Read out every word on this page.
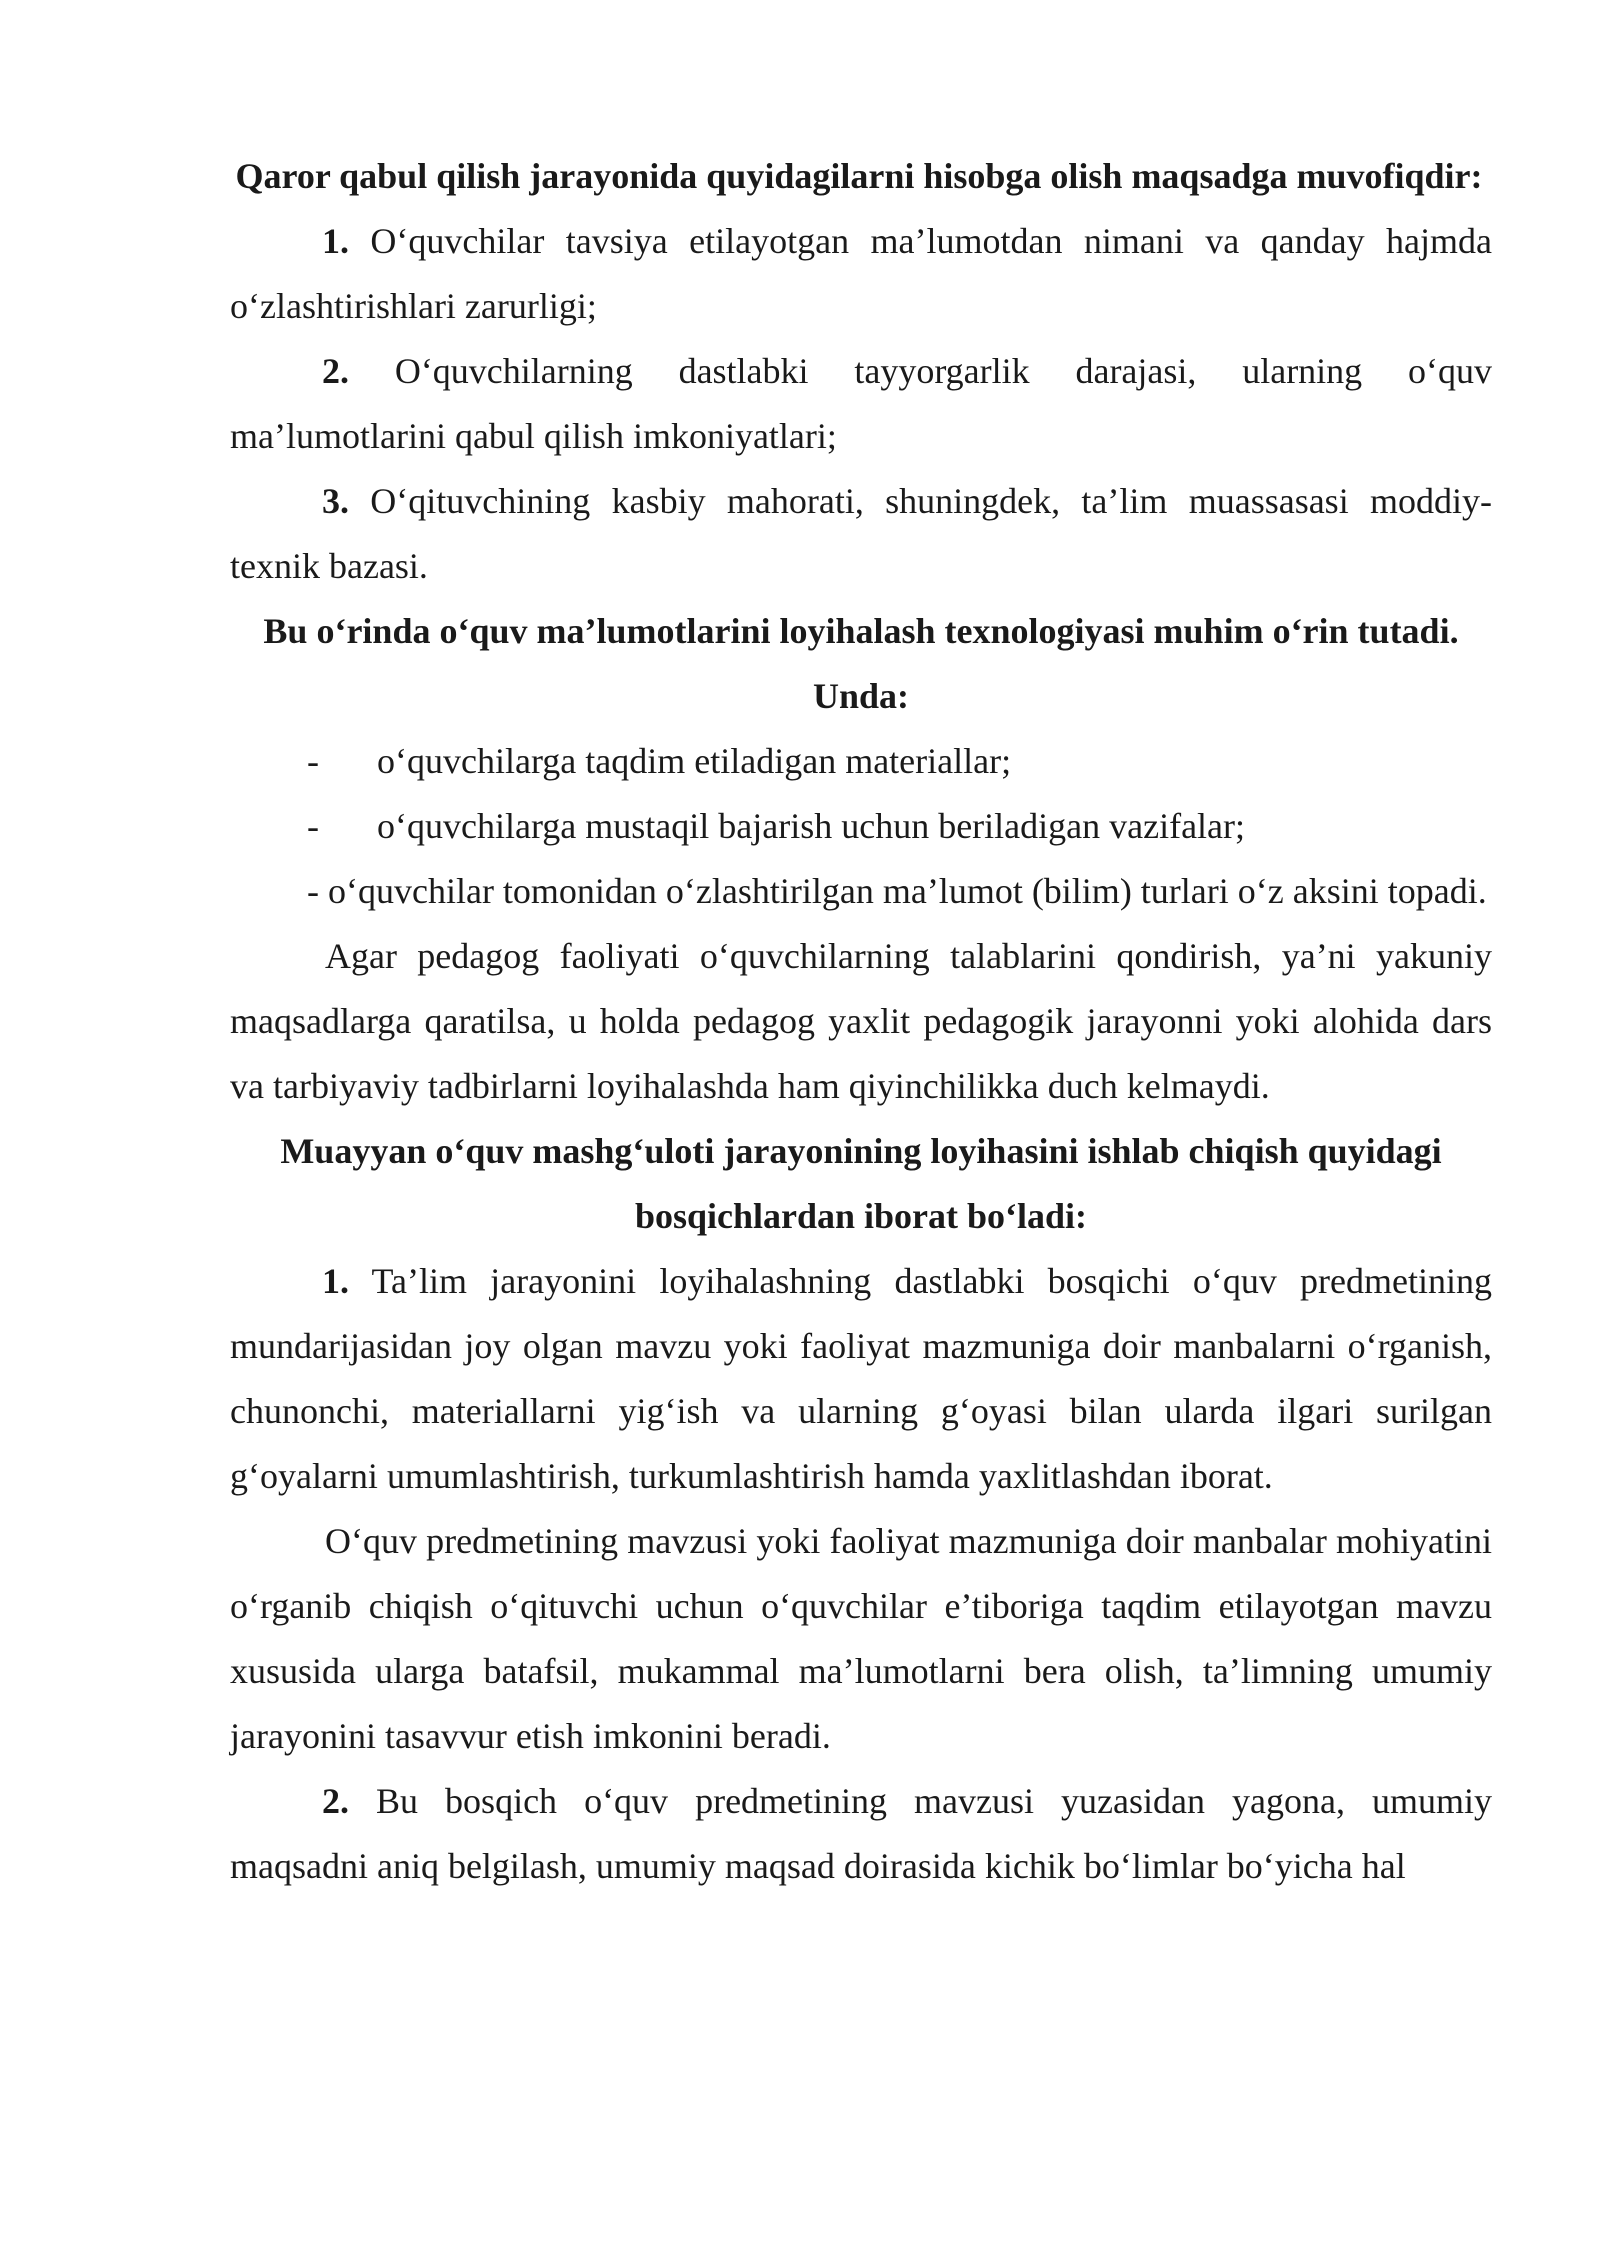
Qaror qabul qilish jarayonida quyidagilarni hisobga olish maqsadga muvofiqdir:

1. O‘quvchilar tavsiya etilayotgan ma’lumotdan nimani va qanday hajmda o‘zlashtirishlari zarurligi;

2. O‘quvchilarning dastlabki tayyorgarlik darajasi, ularning o‘quv ma’lumotlarini qabul qilish imkoniyatlari;

3. O‘qituvchining kasbiy mahorati, shuningdek, ta’lim muassasasi moddiy-texnik bazasi.

Bu o‘rinda o‘quv ma’lumotlarini loyihalash texnologiyasi muhim o‘rin tutadi. Unda:

-	o‘quvchilarga taqdim etiladigan materiallar;

-	o‘quvchilarga mustaqil bajarish uchun beriladigan vazifalar;

- o‘quvchilar tomonidan o‘zlashtirilgan ma’lumot (bilim) turlari o‘z aksini topadi.

Agar pedagog faoliyati o‘quvchilarning talablarini qondirish, ya’ni yakuniy maqsadlarga qaratilsa, u holda pedagog yaxlit pedagogik jarayonni yoki alohida dars va tarbiyaviy tadbirlarni loyihalashda ham qiyinchilikka duch kelmaydi.

Muayyan o‘quv mashg‘uloti jarayonining loyihasini ishlab chiqish quyidagi bosqichlardan iborat bo‘ladi:

1. Ta’lim jarayonini loyihalashning dastlabki bosqichi o‘quv predmetining mundarijasidan joy olgan mavzu yoki faoliyat mazmuniga doir manbalarni o‘rganish, chunonchi, materiallarni yig‘ish va ularning g‘oyasi bilan ularda ilgari surilgan g‘oyalarni umumlashtirish, turkumlashtirish hamda yaxlitlashdan iborat.

O‘quv predmetining mavzusi yoki faoliyat mazmuniga doir manbalar mohiyatini o‘rganib chiqish o‘qituvchi uchun o‘quvchilar e’tiboriga taqdim etilayotgan mavzu xususida ularga batafsil, mukammal ma’lumotlarni bera olish, ta’limning umumiy jarayonini tasavvur etish imkonini beradi.

2. Bu bosqich o‘quv predmetining mavzusi yuzasidan yagona, umumiy maqsadni aniq belgilash, umumiy maqsad doirasida kichik bo‘limlar bo‘yicha hal
